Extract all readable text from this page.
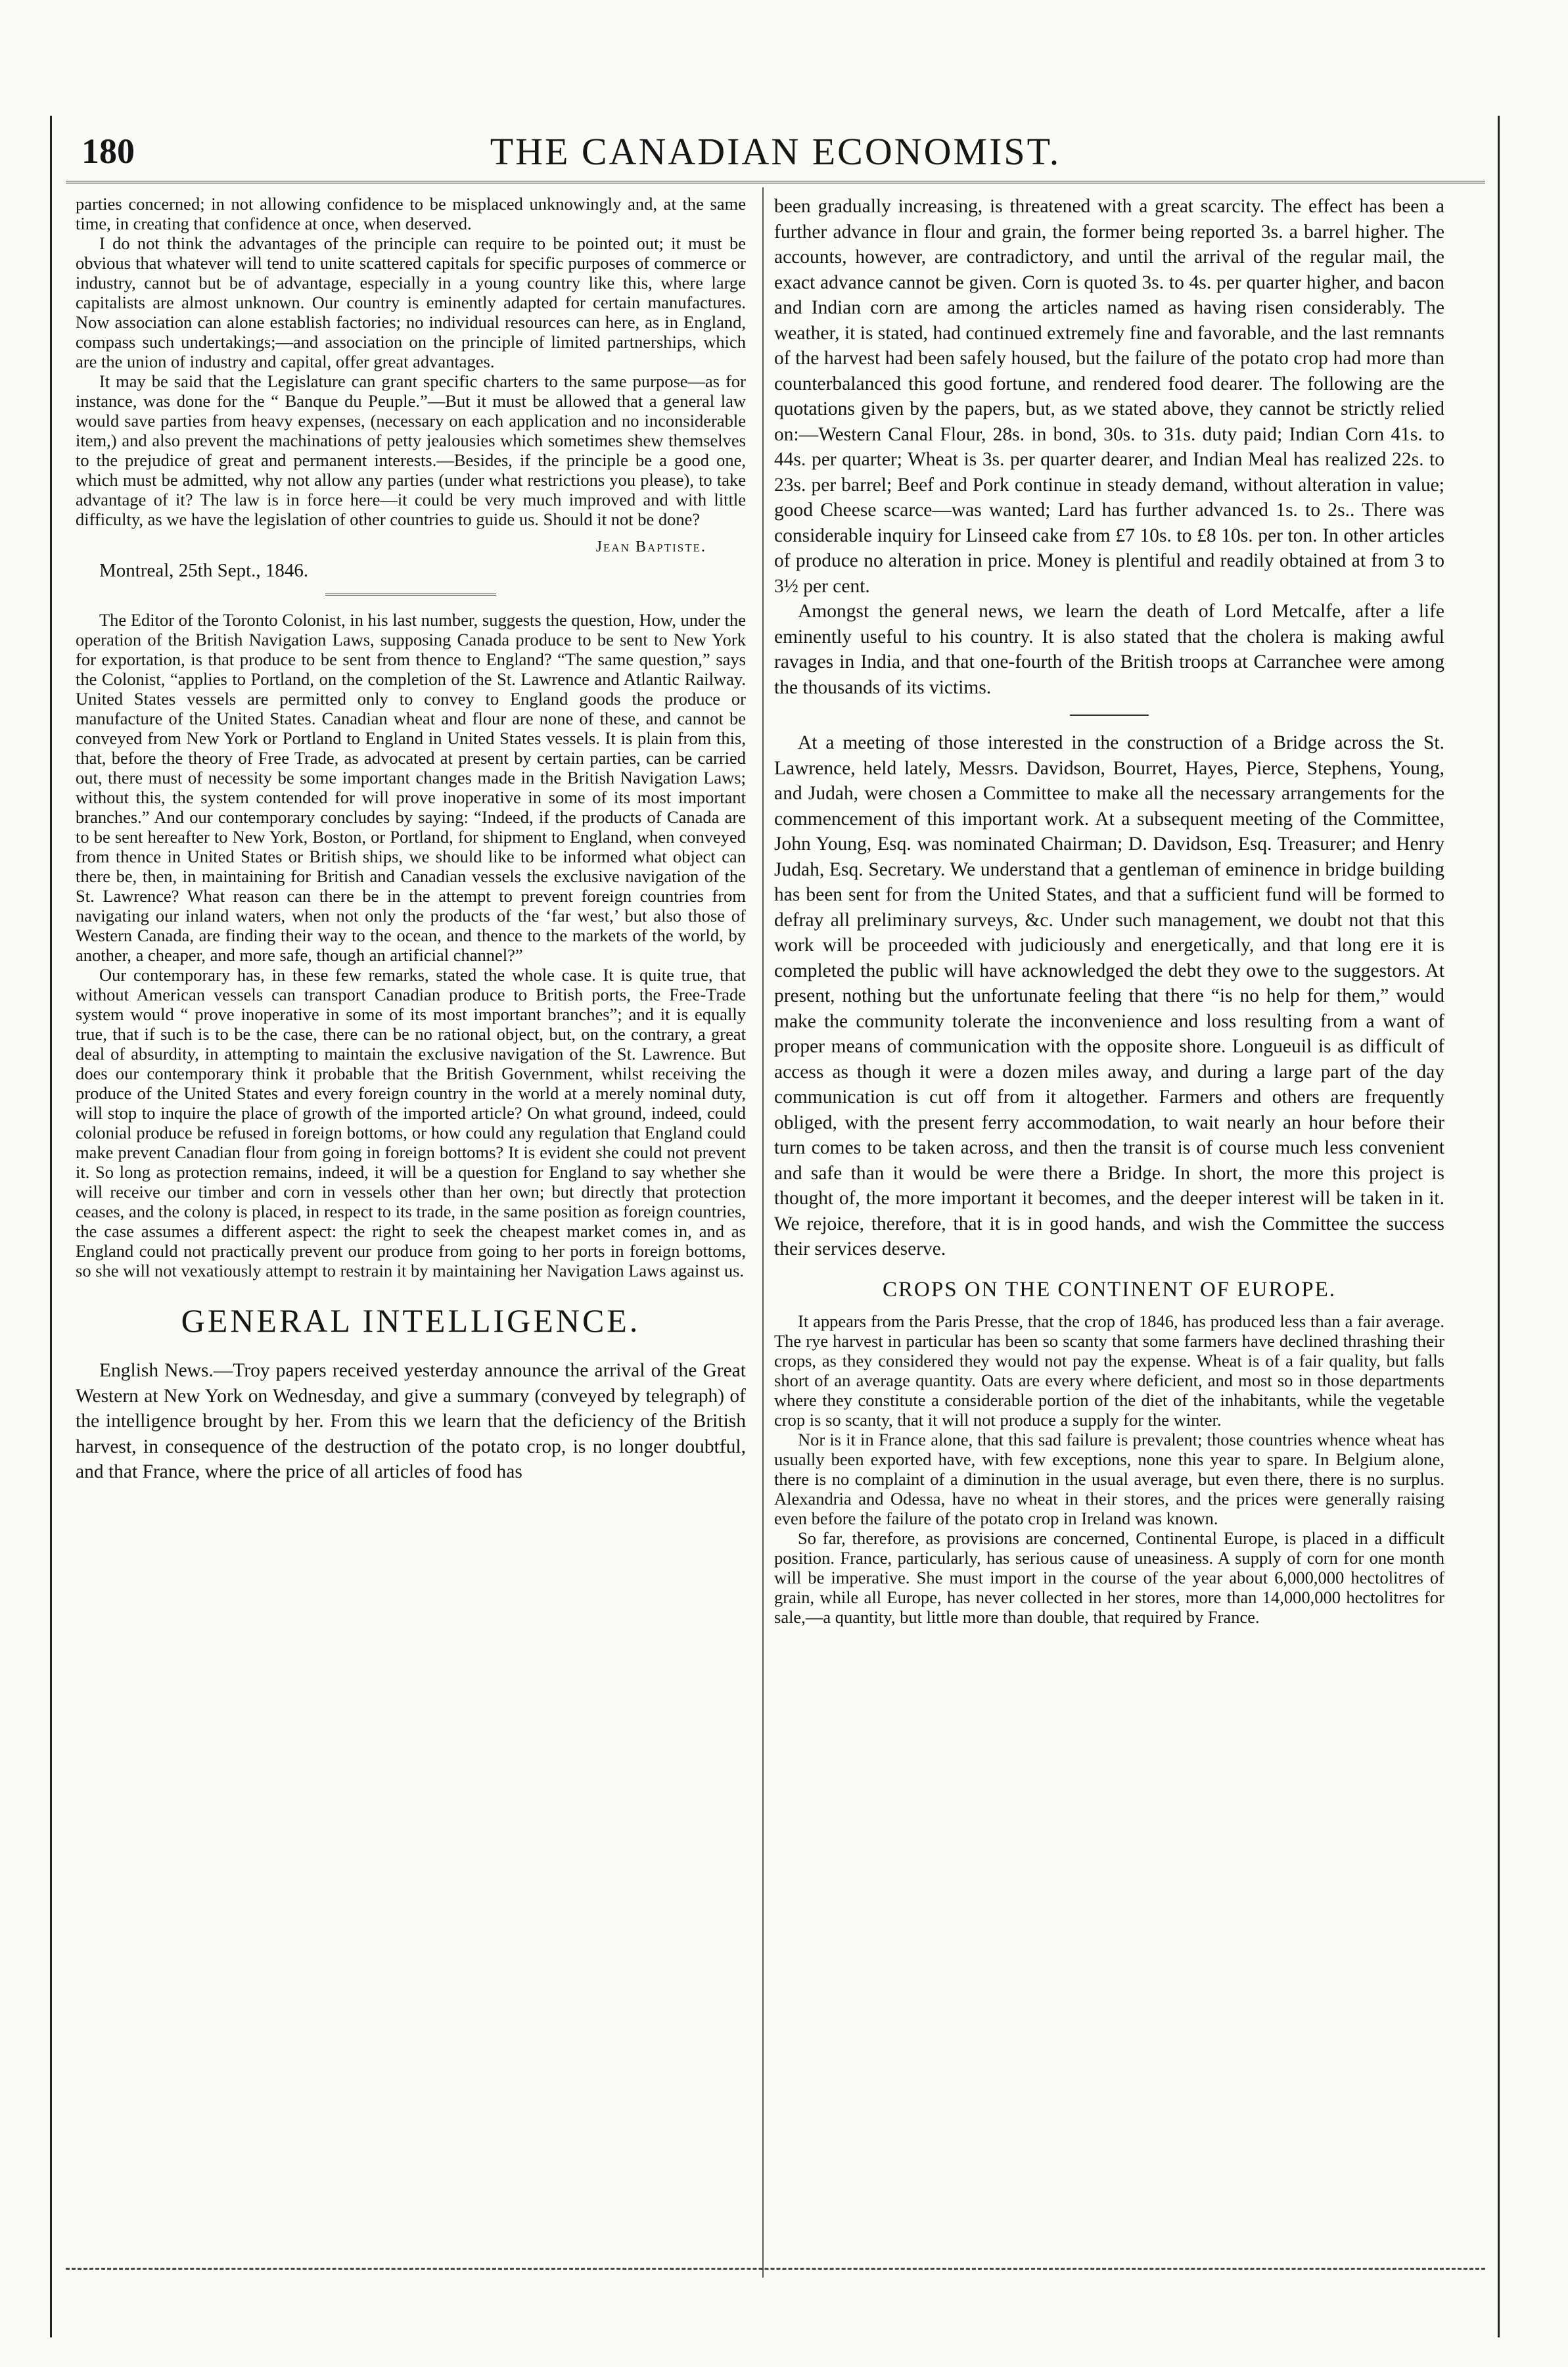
180	THE CANADIAN ECONOMIST.

parties concerned; in not allowing confidence to be misplaced unknowingly and, at the same time, in creating that confidence at once, when deserved.

I do not think the advantages of the principle can require to be pointed out; it must be obvious that whatever will tend to unite scattered capitals for specific purposes of commerce or industry, cannot but be of advantage, especially in a young country like this, where large capitalists are almost unknown. Our country is eminently adapted for certain manufactures. Now association can alone establish factories; no individual resources can here, as in England, compass such undertakings;—and association on the principle of limited partnerships, which are the union of industry and capital, offer great advantages.

It may be said that the Legislature can grant specific charters to the same purpose—as for instance, was done for the “ Banque du Peuple.”—But it must be allowed that a general law would save parties from heavy expenses, (necessary on each application and no inconsiderable item,) and also prevent the machinations of petty jealousies which sometimes shew themselves to the prejudice of great and permanent interests.—Besides, if the principle be a good one, which must be admitted, why not allow any parties (under what restrictions you please), to take advantage of it? The law is in force here—it could be very much improved and with little difficulty, as we have the legislation of other countries to guide us. Should it not be done?

Jean Baptiste.
Montreal, 25th Sept., 1846.

The Editor of the Toronto Colonist, in his last number, suggests the question, How, under the operation of the British Navigation Laws, supposing Canada produce to be sent to New York for exportation, is that produce to be sent from thence to England? “The same question,” says the Colonist, “applies to Portland, on the completion of the St. Lawrence and Atlantic Railway. United States vessels are permitted only to convey to England goods the produce or manufacture of the United States. Canadian wheat and flour are none of these, and cannot be conveyed from New York or Portland to England in United States vessels. It is plain from this, that, before the theory of Free Trade, as advocated at present by certain parties, can be carried out, there must of necessity be some important changes made in the British Navigation Laws; without this, the system contended for will prove inoperative in some of its most important branches.” And our contemporary concludes by saying: “Indeed, if the products of Canada are to be sent hereafter to New York, Boston, or Portland, for shipment to England, when conveyed from thence in United States or British ships, we should like to be informed what object can there be, then, in maintaining for British and Canadian vessels the exclusive navigation of the St. Lawrence? What reason can there be in the attempt to prevent foreign countries from navigating our inland waters, when not only the products of the ‘far west,’ but also those of Western Canada, are finding their way to the ocean, and thence to the markets of the world, by another, a cheaper, and more safe, though an artificial channel?”

Our contemporary has, in these few remarks, stated the whole case. It is quite true, that without American vessels can transport Canadian produce to British ports, the Free-Trade system would “ prove inoperative in some of its most important branches”; and it is equally true, that if such is to be the case, there can be no rational object, but, on the contrary, a great deal of absurdity, in attempting to maintain the exclusive navigation of the St. Lawrence. But does our contemporary think it probable that the British Government, whilst receiving the produce of the United States and every foreign country in the world at a merely nominal duty, will stop to inquire the place of growth of the imported article? On what ground, indeed, could colonial produce be refused in foreign bottoms, or how could any regulation that England could make prevent Canadian flour from going in foreign bottoms? It is evident she could not prevent it. So long as protection remains, indeed, it will be a question for England to say whether she will receive our timber and corn in vessels other than her own; but directly that protection ceases, and the colony is placed, in respect to its trade, in the same position as foreign countries, the case assumes a different aspect: the right to seek the cheapest market comes in, and as England could not practically prevent our produce from going to her ports in foreign bottoms, so she will not vexatiously attempt to restrain it by maintaining her Navigation Laws against us.

GENERAL INTELLIGENCE.

English News.—Troy papers received yesterday announce the arrival of the Great Western at New York on Wednesday, and give a summary (conveyed by telegraph) of the intelligence brought by her. From this we learn that the deficiency of the British harvest, in consequence of the destruction of the potato crop, is no longer doubtful, and that France, where the price of all articles of food has

been gradually increasing, is threatened with a great scarcity. The effect has been a further advance in flour and grain, the former being reported 3s. a barrel higher. The accounts, however, are contradictory, and until the arrival of the regular mail, the exact advance cannot be given. Corn is quoted 3s. to 4s. per quarter higher, and bacon and Indian corn are among the articles named as having risen considerably. The weather, it is stated, had continued extremely fine and favorable, and the last remnants of the harvest had been safely housed, but the failure of the potato crop had more than counterbalanced this good fortune, and rendered food dearer. The following are the quotations given by the papers, but, as we stated above, they cannot be strictly relied on:—Western Canal Flour, 28s. in bond, 30s. to 31s. duty paid; Indian Corn 41s. to 44s. per quarter; Wheat is 3s. per quarter dearer, and Indian Meal has realized 22s. to 23s. per barrel; Beef and Pork continue in steady demand, without alteration in value; good Cheese scarce—was wanted; Lard has further advanced 1s. to 2s.. There was considerable inquiry for Linseed cake from £7 10s. to £8 10s. per ton. In other articles of produce no alteration in price. Money is plentiful and readily obtained at from 3 to 3½ per cent.

Amongst the general news, we learn the death of Lord Metcalfe, after a life eminently useful to his country. It is also stated that the cholera is making awful ravages in India, and that one-fourth of the British troops at Carranchee were among the thousands of its victims.

At a meeting of those interested in the construction of a Bridge across the St. Lawrence, held lately, Messrs. Davidson, Bourret, Hayes, Pierce, Stephens, Young, and Judah, were chosen a Committee to make all the necessary arrangements for the commencement of this important work. At a subsequent meeting of the Committee, John Young, Esq. was nominated Chairman; D. Davidson, Esq. Treasurer; and Henry Judah, Esq. Secretary. We understand that a gentleman of eminence in bridge building has been sent for from the United States, and that a sufficient fund will be formed to defray all preliminary surveys, &c. Under such management, we doubt not that this work will be proceeded with judiciously and energetically, and that long ere it is completed the public will have acknowledged the debt they owe to the suggestors. At present, nothing but the unfortunate feeling that there “is no help for them,” would make the community tolerate the inconvenience and loss resulting from a want of proper means of communication with the opposite shore. Longueuil is as difficult of access as though it were a dozen miles away, and during a large part of the day communication is cut off from it altogether. Farmers and others are frequently obliged, with the present ferry accommodation, to wait nearly an hour before their turn comes to be taken across, and then the transit is of course much less convenient and safe than it would be were there a Bridge. In short, the more this project is thought of, the more important it becomes, and the deeper interest will be taken in it. We rejoice, therefore, that it is in good hands, and wish the Committee the success their services deserve.

CROPS ON THE CONTINENT OF EUROPE.

It appears from the Paris Presse, that the crop of 1846, has produced less than a fair average. The rye harvest in particular has been so scanty that some farmers have declined thrashing their crops, as they considered they would not pay the expense. Wheat is of a fair quality, but falls short of an average quantity. Oats are every where deficient, and most so in those departments where they constitute a considerable portion of the diet of the inhabitants, while the vegetable crop is so scanty, that it will not produce a supply for the winter.

Nor is it in France alone, that this sad failure is prevalent; those countries whence wheat has usually been exported have, with few exceptions, none this year to spare. In Belgium alone, there is no complaint of a diminution in the usual average, but even there, there is no surplus. Alexandria and Odessa, have no wheat in their stores, and the prices were generally raising even before the failure of the potato crop in Ireland was known.

So far, therefore, as provisions are concerned, Continental Europe, is placed in a difficult position. France, particularly, has serious cause of uneasiness. A supply of corn for one month will be imperative. She must import in the course of the year about 6,000,000 hectolitres of grain, while all Europe, has never collected in her stores, more than 14,000,000 hectolitres for sale,—a quantity, but little more than double, that required by France.
